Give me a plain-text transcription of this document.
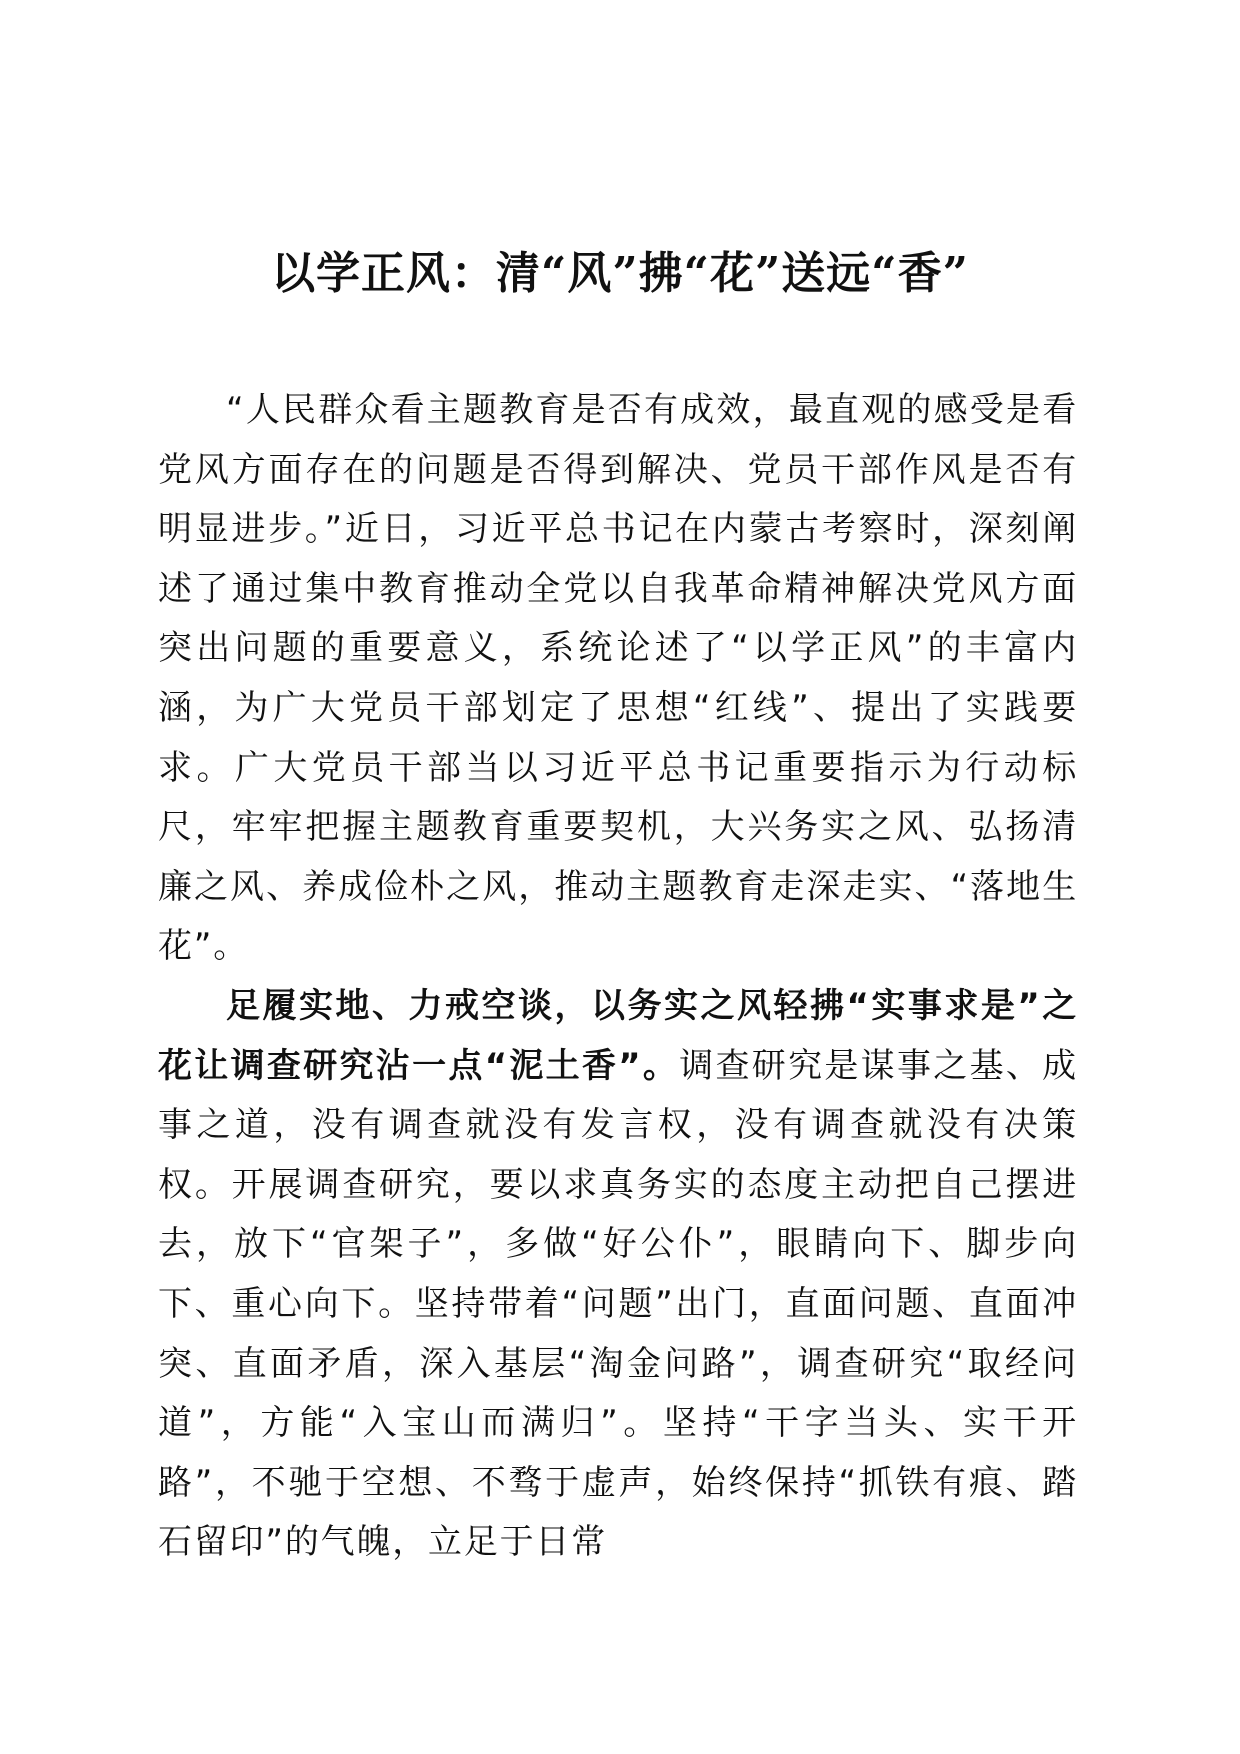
以学正风：清“风”拂“花”送远“香”

“人民群众看主题教育是否有成效，最直观的感受是看党风方面存在的问题是否得到解决、党员干部作风是否有明显进步。”近日，习近平总书记在内蒙古考察时，深刻阐述了通过集中教育推动全党以自我革命精神解决党风方面突出问题的重要意义，系统论述了“以学正风”的丰富内涵，为广大党员干部划定了思想“红线”、提出了实践要求。广大党员干部当以习近平总书记重要指示为行动标尺，牢牢把握主题教育重要契机，大兴务实之风、弘扬清廉之风、养成俭朴之风，推动主题教育走深走实、“落地生花”。

足履实地、力戒空谈，以务实之风轻拂“实事求是”之花让调查研究沾一点“泥土香”。调查研究是谋事之基、成事之道，没有调查就没有发言权，没有调查就没有决策权。开展调查研究，要以求真务实的态度主动把自己摆进去，放下“官架子”，多做“好公仆”，眼睛向下、脚步向下、重心向下。坚持带着“问题”出门，直面问题、直面冲突、直面矛盾，深入基层“淘金问路”，调查研究“取经问道”，方能“入宝山而满归”。坚持“干字当头、实干开路”，不驰于空想、不骛于虚声，始终保持“抓铁有痕、踏石留印”的气魄，立足于日常
